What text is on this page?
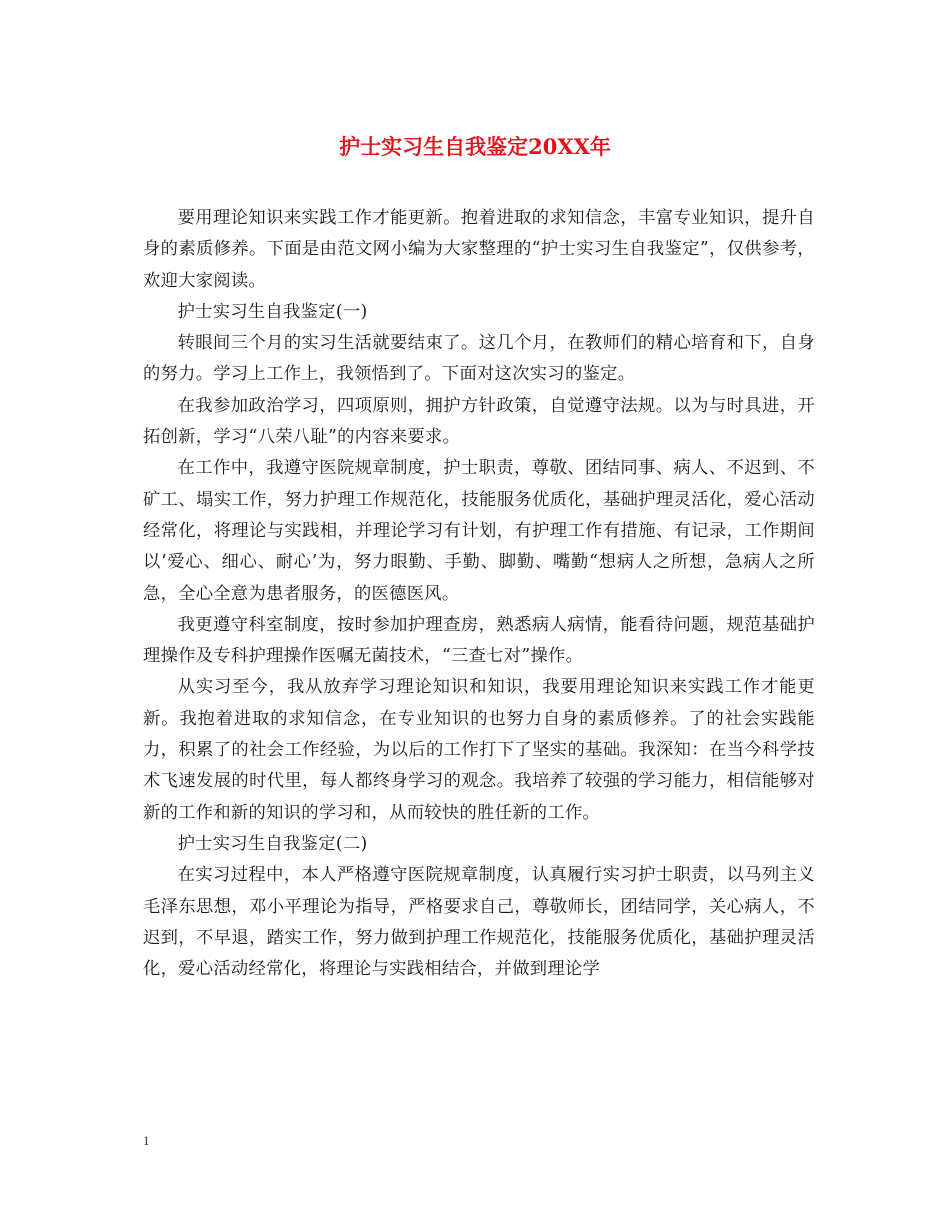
护士实习生自我鉴定20XX年

要用理论知识来实践工作才能更新。抱着进取的求知信念，丰富专业知识，提升自身的素质修养。下面是由范文网小编为大家整理的“护士实习生自我鉴定”，仅供参考，欢迎大家阅读。

护士实习生自我鉴定(一)

转眼间三个月的实习生活就要结束了。这几个月，在教师们的精心培育和下，自身的努力。学习上工作上，我领悟到了。下面对这次实习的鉴定。

在我参加政治学习，四项原则，拥护方针政策，自觉遵守法规。以为与时具进，开拓创新，学习“八荣八耻”的内容来要求。

在工作中，我遵守医院规章制度，护士职责，尊敬、团结同事、病人、不迟到、不矿工、塌实工作，努力护理工作规范化，技能服务优质化，基础护理灵活化，爱心活动经常化，将理论与实践相，并理论学习有计划，有护理工作有措施、有记录，工作期间以‘爱心、细心、耐心’为，努力眼勤、手勤、脚勤、嘴勤“想病人之所想，急病人之所急，全心全意为患者服务，的医德医风。

我更遵守科室制度，按时参加护理查房，熟悉病人病情，能看待问题，规范基础护理操作及专科护理操作医嘱无菌技术，“三查七对”操作。

从实习至今，我从放弃学习理论知识和知识，我要用理论知识来实践工作才能更新。我抱着进取的求知信念，在专业知识的也努力自身的素质修养。了的社会实践能力，积累了的社会工作经验，为以后的工作打下了坚实的基础。我深知：在当今科学技术飞速发展的时代里，每人都终身学习的观念。我培养了较强的学习能力，相信能够对新的工作和新的知识的学习和，从而较快的胜任新的工作。

护士实习生自我鉴定(二)

在实习过程中，本人严格遵守医院规章制度，认真履行实习护士职责，以马列主义毛泽东思想，邓小平理论为指导，严格要求自己，尊敬师长，团结同学，关心病人，不迟到，不早退，踏实工作，努力做到护理工作规范化，技能服务优质化，基础护理灵活化，爱心活动经常化，将理论与实践相结合，并做到理论学

1
